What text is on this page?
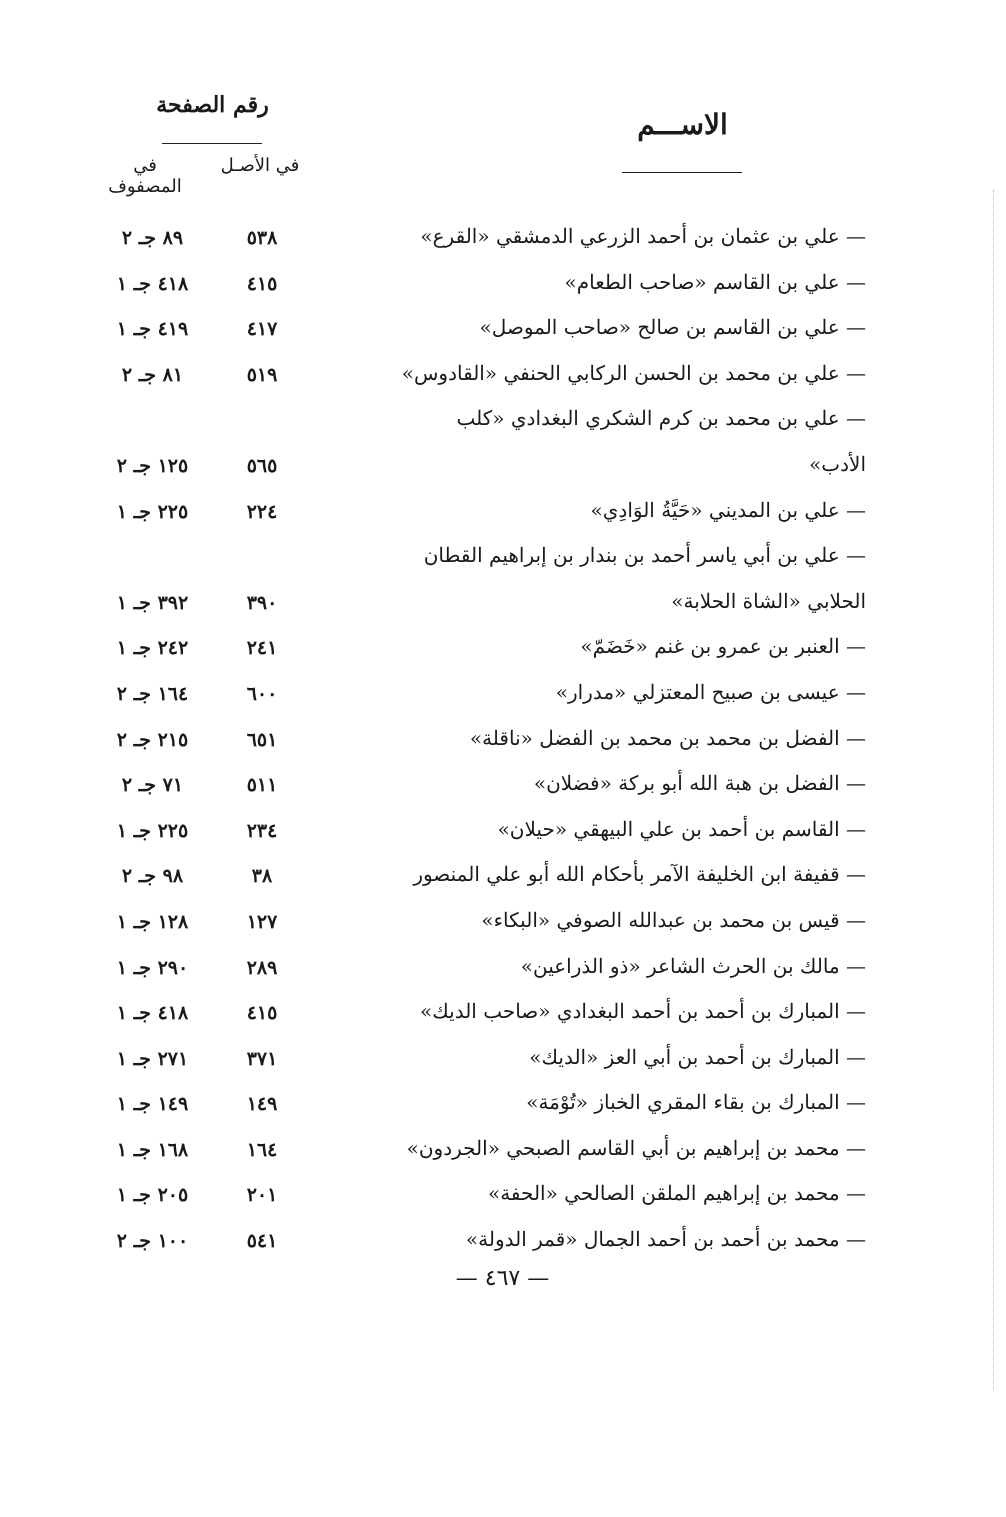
رقم الصفحة
في الأصـل
في المصفوف
الاســـم
— علي بن عثمان بن أحمد الزرعي الدمشقي «القرع»
٥٣٨
٨٩ جـ ٢
— علي بن القاسم «صاحب الطعام»
٤١٥
٤١٨ جـ ١
— علي بن القاسم بن صالح «صاحب الموصل»
٤١٧
٤١٩ جـ ١
— علي بن محمد بن الحسن الركابي الحنفي «القادوس»
٥١٩
٨١ جـ ٢
— علي بن محمد بن كرم الشكري البغدادي «كلب
الأدب»
٥٦٥
١٢٥ جـ ٢
— علي بن المديني «حَيَّةُ الوَادِي»
٢٢٤
٢٢٥ جـ ١
— علي بن أبي ياسر أحمد بن بندار بن إبراهيم القطان
الحلابي «الشاة الحلابة»
٣٩٠
٣٩٢ جـ ١
— العنبر بن عمرو بن غنم «خَضَمّ»
٢٤١
٢٤٢ جـ ١
— عيسى بن صبيح المعتزلي «مدرار»
٦٠٠
١٦٤ جـ ٢
— الفضل بن محمد بن محمد بن الفضل «ناقلة»
٦٥١
٢١٥ جـ ٢
— الفضل بن هبة الله أبو بركة «فضلان»
٥١١
٧١ جـ ٢
— القاسم بن أحمد بن علي البيهقي «حيلان»
٢٣٤
٢٢٥ جـ ١
— قفيفة ابن الخليفة الآمر بأحكام الله أبو علي المنصور
٣٨
٩٨ جـ ٢
— قيس بن محمد بن عبدالله الصوفي «البكاء»
١٢٧
١٢٨ جـ ١
— مالك بن الحرث الشاعر «ذو الذراعين»
٢٨٩
٢٩٠ جـ ١
— المبارك بن أحمد بن أحمد البغدادي «صاحب الديك»
٤١٥
٤١٨ جـ ١
— المبارك بن أحمد بن أبي العز «الديك»
٣٧١
٢٧١ جـ ١
— المبارك بن بقاء المقري الخباز «تُوْمَة»
١٤٩
١٤٩ جـ ١
— محمد بن إبراهيم بن أبي القاسم الصبحي «الجردون»
١٦٤
١٦٨ جـ ١
— محمد بن إبراهيم الملقن الصالحي «الحفة»
٢٠١
٢٠٥ جـ ١
— محمد بن أحمد بن أحمد الجمال «قمر الدولة»
٥٤١
١٠٠ جـ ٢
— ٤٦٧ —
